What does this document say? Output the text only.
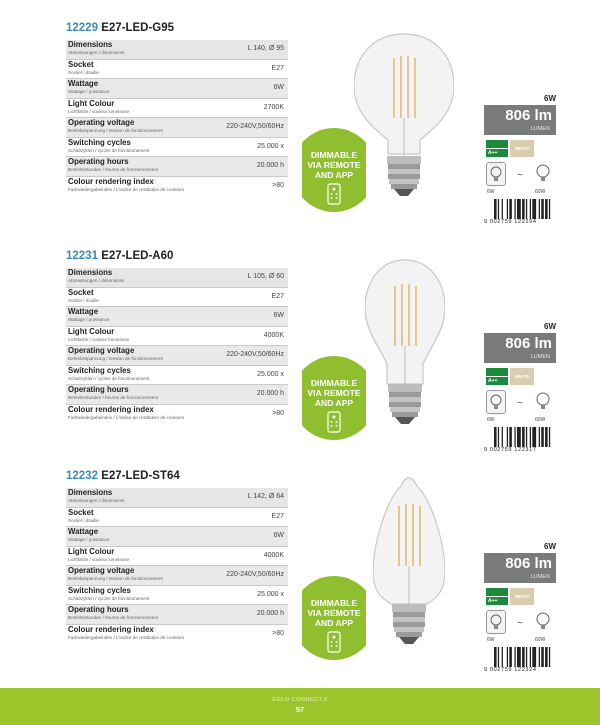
12229 E27-LED-G95
Dimensions
Abmessungen / dimensions
L 140, Ø 95
Socket
Sockel / douille
E27
Wattage
Wattage / puissance
6W
Light Colour
Lichtfarbe / couleur lumineuse
2700K
Operating voltage
Betriebsspannung / tension de fonctionnement
220-240V,50/60Hz
Switching cycles
Schaltzyklen / cycles de fonctionnement
25.000 x
Operating hours
Betriebsstunden / heures de fonctionnement
20.000 h
Colour rendering index
Farbwiedergabeindex / L'indice de restitution de couleurs
>80
DIMMABLE
VIA REMOTE
AND APP
6W
806 lm
LUMEN
A++
WHITE
~
6W	60W
9 002759 122294
12231 E27-LED-A60
Dimensions
Abmessungen / dimensions
L 105, Ø 60
Socket
Sockel / douille
E27
Wattage
Wattage / puissance
6W
Light Colour
Lichtfarbe / couleur lumineuse
4000K
Operating voltage
Betriebsspannung / tension de fonctionnement
220-240V,50/60Hz
Switching cycles
Schaltzyklen / cycles de fonctionnement
25.000 x
Operating hours
Betriebsstunden / heures de fonctionnement
20.000 h
Colour rendering index
Farbwiedergabeindex / L'indice de restitution de couleurs
>80
DIMMABLE
VIA REMOTE
AND APP
6W
806 lm
LUMEN
A++
WHITE
~
6W	60W
9 002759 122317
12232 E27-LED-ST64
Dimensions
Abmessungen / dimensions
L 142, Ø 64
Socket
Sockel / douille
E27
Wattage
Wattage / puissance
6W
Light Colour
Lichtfarbe / couleur lumineuse
4000K
Operating voltage
Betriebsspannung / tension de fonctionnement
220-240V,50/60Hz
Switching cycles
Schaltzyklen / cycles de fonctionnement
25.000 x
Operating hours
Betriebsstunden / heures de fonctionnement
20.000 h
Colour rendering index
Farbwiedergabeindex / L'indice de restitution de couleurs
>80
DIMMABLE
VIA REMOTE
AND APP
6W
806 lm
LUMEN
A++
WHITE
~
6W	60W
9 002759 122324
EGLO CONNECT.Z
57
